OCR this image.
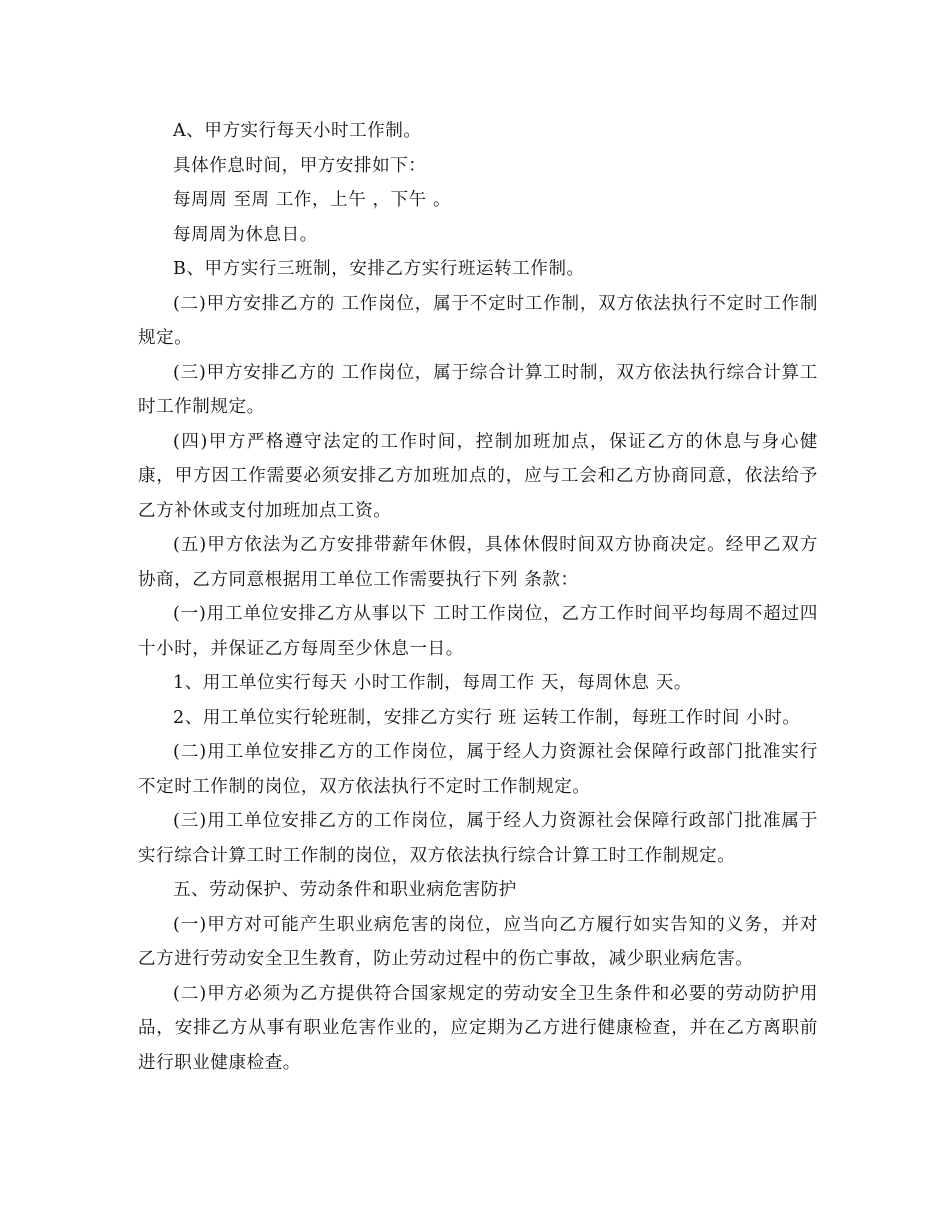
A、甲方实行每天小时工作制。

具体作息时间，甲方安排如下：

每周周 至周 工作，上午 ，下午 。

每周周为休息日。

B、甲方实行三班制，安排乙方实行班运转工作制。

(二)甲方安排乙方的 工作岗位，属于不定时工作制，双方依法执行不定时工作制规定。

(三)甲方安排乙方的 工作岗位，属于综合计算工时制，双方依法执行综合计算工时工作制规定。

(四)甲方严格遵守法定的工作时间，控制加班加点，保证乙方的休息与身心健康，甲方因工作需要必须安排乙方加班加点的，应与工会和乙方协商同意，依法给予乙方补休或支付加班加点工资。

(五)甲方依法为乙方安排带薪年休假，具体休假时间双方协商决定。经甲乙双方协商，乙方同意根据用工单位工作需要执行下列 条款：

(一)用工单位安排乙方从事以下 工时工作岗位，乙方工作时间平均每周不超过四十小时，并保证乙方每周至少休息一日。

1、用工单位实行每天 小时工作制，每周工作 天，每周休息 天。

2、用工单位实行轮班制，安排乙方实行 班 运转工作制，每班工作时间 小时。

(二)用工单位安排乙方的工作岗位，属于经人力资源社会保障行政部门批准实行不定时工作制的岗位，双方依法执行不定时工作制规定。

(三)用工单位安排乙方的工作岗位，属于经人力资源社会保障行政部门批准属于实行综合计算工时工作制的岗位，双方依法执行综合计算工时工作制规定。

五、劳动保护、劳动条件和职业病危害防护

(一)甲方对可能产生职业病危害的岗位，应当向乙方履行如实告知的义务，并对乙方进行劳动安全卫生教育，防止劳动过程中的伤亡事故，减少职业病危害。

(二)甲方必须为乙方提供符合国家规定的劳动安全卫生条件和必要的劳动防护用品，安排乙方从事有职业危害作业的，应定期为乙方进行健康检查，并在乙方离职前进行职业健康检查。
